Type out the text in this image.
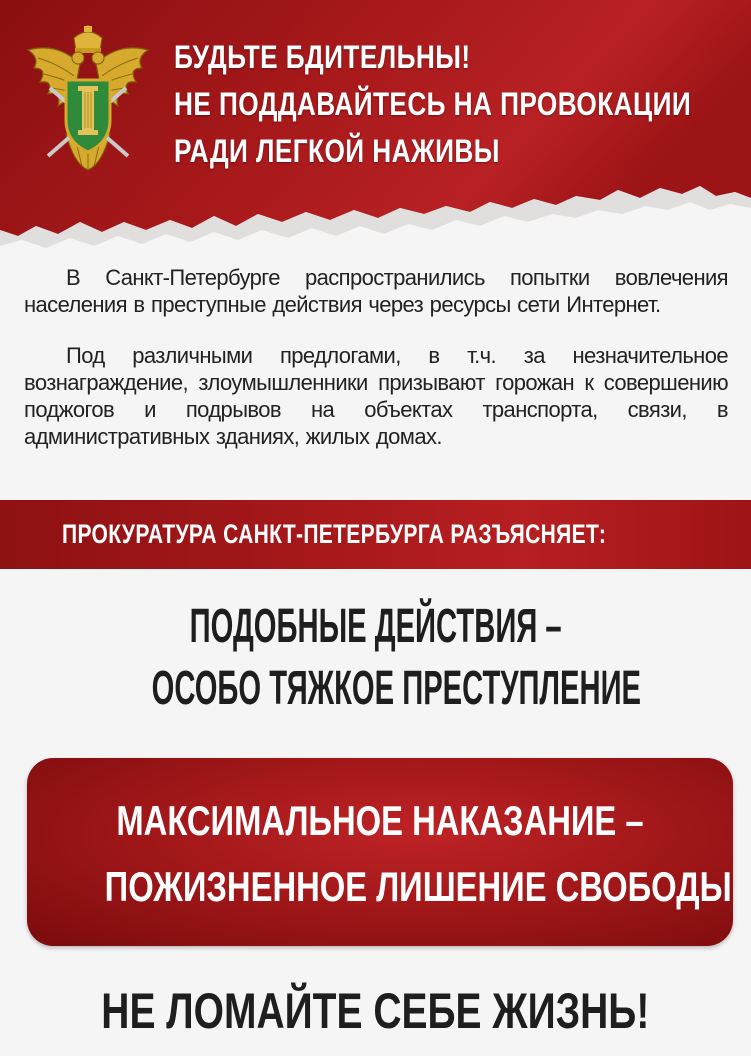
БУДЬТЕ БДИТЕЛЬНЫ!
НЕ ПОДДАВАЙТЕСЬ НА ПРОВОКАЦИИ
РАДИ ЛЕГКОЙ НАЖИВЫ

В Санкт-Петербурге распространились попытки вовлечения населения в преступные действия через ресурсы сети Интернет.

Под различными предлогами, в т.ч. за незначительное вознаграждение, злоумышленники призывают горожан к совершению поджогов и подрывов на объектах транспорта, связи, в административных зданиях, жилых домах.

ПРОКУРАТУРА САНКТ-ПЕТЕРБУРГА РАЗЪЯСНЯЕТ:
ПОДОБНЫЕ ДЕЙСТВИЯ –
ОСОБО ТЯЖКОЕ ПРЕСТУПЛЕНИЕ
МАКСИМАЛЬНОЕ НАКАЗАНИЕ –
ПОЖИЗНЕННОЕ ЛИШЕНИЕ СВОБОДЫ
НЕ ЛОМАЙТЕ СЕБЕ ЖИЗНЬ!
